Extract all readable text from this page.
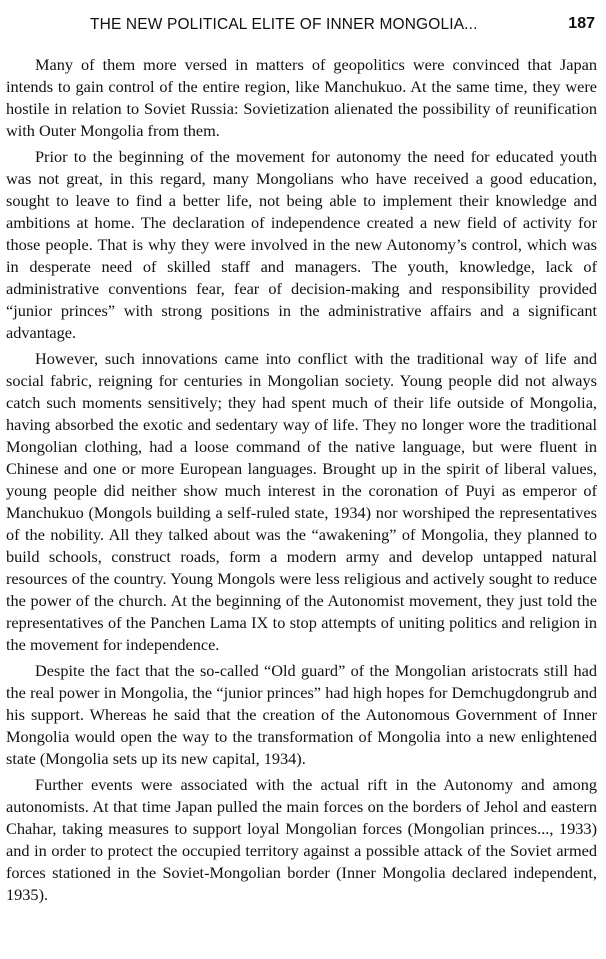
THE NEW POLITICAL ELITE OF INNER MONGOLIA...	187

Many of them more versed in matters of geopolitics were convinced that Japan intends to gain control of the entire region, like Manchukuo. At the same time, they were hostile in relation to Soviet Russia: Sovietization alienated the possibility of reunification with Outer Mongolia from them.

Prior to the beginning of the movement for autonomy the need for educated youth was not great, in this regard, many Mongolians who have received a good education, sought to leave to find a better life, not being able to implement their knowledge and ambitions at home. The declaration of independence created a new field of activity for those people. That is why they were involved in the new Autonomy’s control, which was in desperate need of skilled staff and managers. The youth, knowledge, lack of administrative conventions fear, fear of decision-making and responsibility provided “junior princes” with strong positions in the administrative affairs and a significant advantage.

However, such innovations came into conflict with the traditional way of life and social fabric, reigning for centuries in Mongolian society. Young people did not always catch such moments sensitively; they had spent much of their life outside of Mongolia, having absorbed the exotic and sedentary way of life. They no longer wore the traditional Mongolian clothing, had a loose command of the native language, but were fluent in Chinese and one or more European languages. Brought up in the spirit of liberal values, young people did neither show much interest in the coronation of Puyi as emperor of Manchukuo (Mongols building a self-ruled state, 1934) nor worshiped the representatives of the nobility. All they talked about was the “awakening” of Mongolia, they planned to build schools, construct roads, form a modern army and develop untapped natural resources of the country. Young Mongols were less religious and actively sought to reduce the power of the church. At the beginning of the Autonomist movement, they just told the representatives of the Panchen Lama IX to stop attempts of uniting politics and religion in the movement for independence.

Despite the fact that the so-called “Old guard” of the Mongolian aristocrats still had the real power in Mongolia, the “junior princes” had high hopes for Demchugdongrub and his support. Whereas he said that the creation of the Autonomous Government of Inner Mongolia would open the way to the transformation of Mongolia into a new enlightened state (Mongolia sets up its new capital, 1934).

Further events were associated with the actual rift in the Autonomy and among autonomists. At that time Japan pulled the main forces on the borders of Jehol and eastern Chahar, taking measures to support loyal Mongolian forces (Mongolian princes..., 1933) and in order to protect the occupied territory against a possible attack of the Soviet armed forces stationed in the Soviet-Mongolian border (Inner Mongolia declared independent, 1935).
